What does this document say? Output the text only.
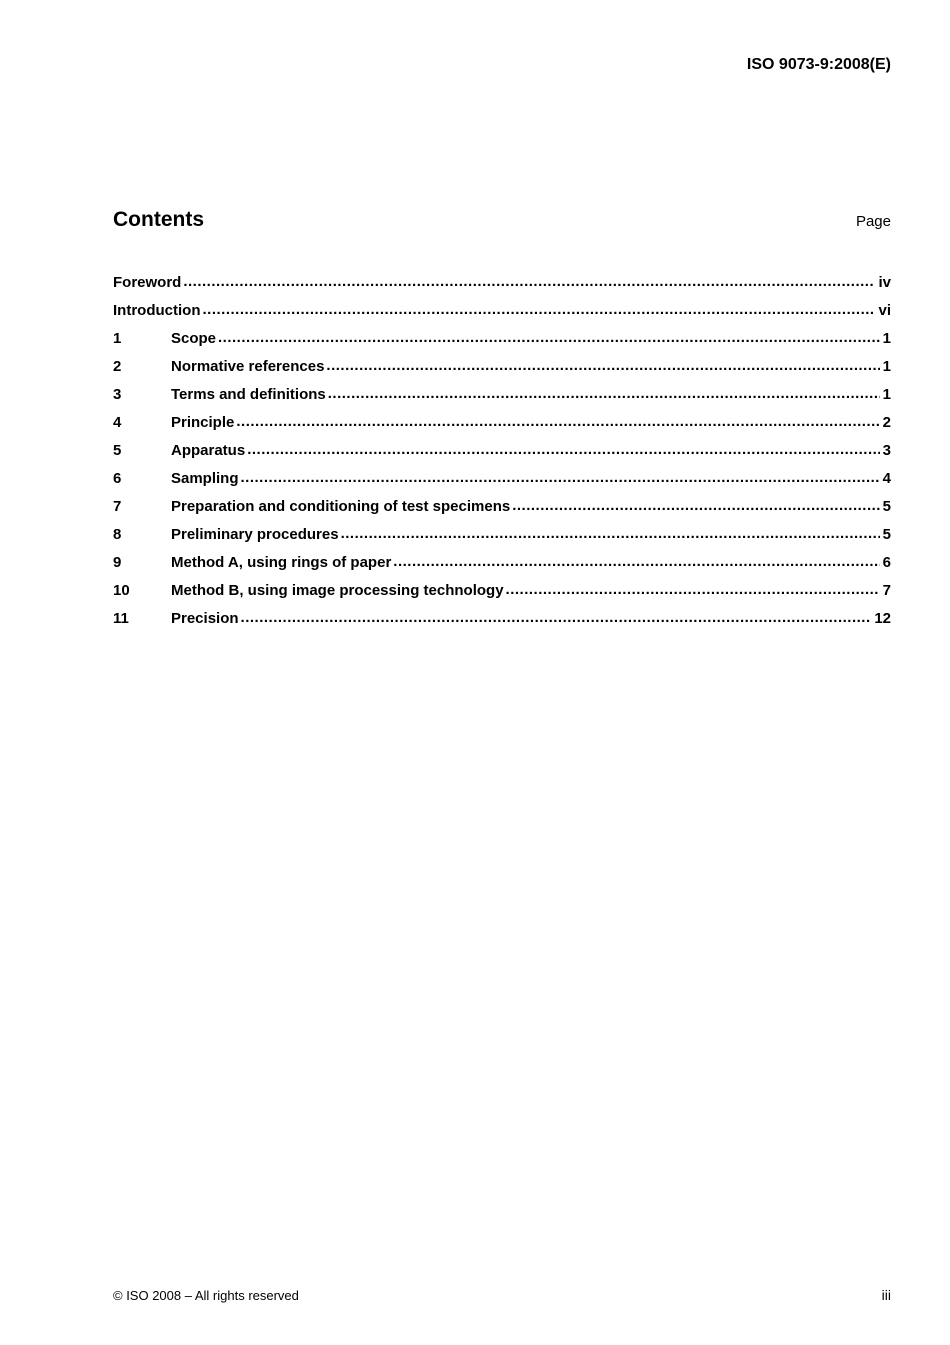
ISO 9073-9:2008(E)
Contents	Page
Foreword .....	iv
Introduction .....	vi
1	Scope .....	1
2	Normative references .....	1
3	Terms and definitions .....	1
4	Principle .....	2
5	Apparatus .....	3
6	Sampling .....	4
7	Preparation and conditioning of test specimens .....	5
8	Preliminary procedures .....	5
9	Method A, using rings of paper .....	6
10	Method B, using image processing technology .....	7
11	Precision .....	12
© ISO 2008 – All rights reserved	iii
